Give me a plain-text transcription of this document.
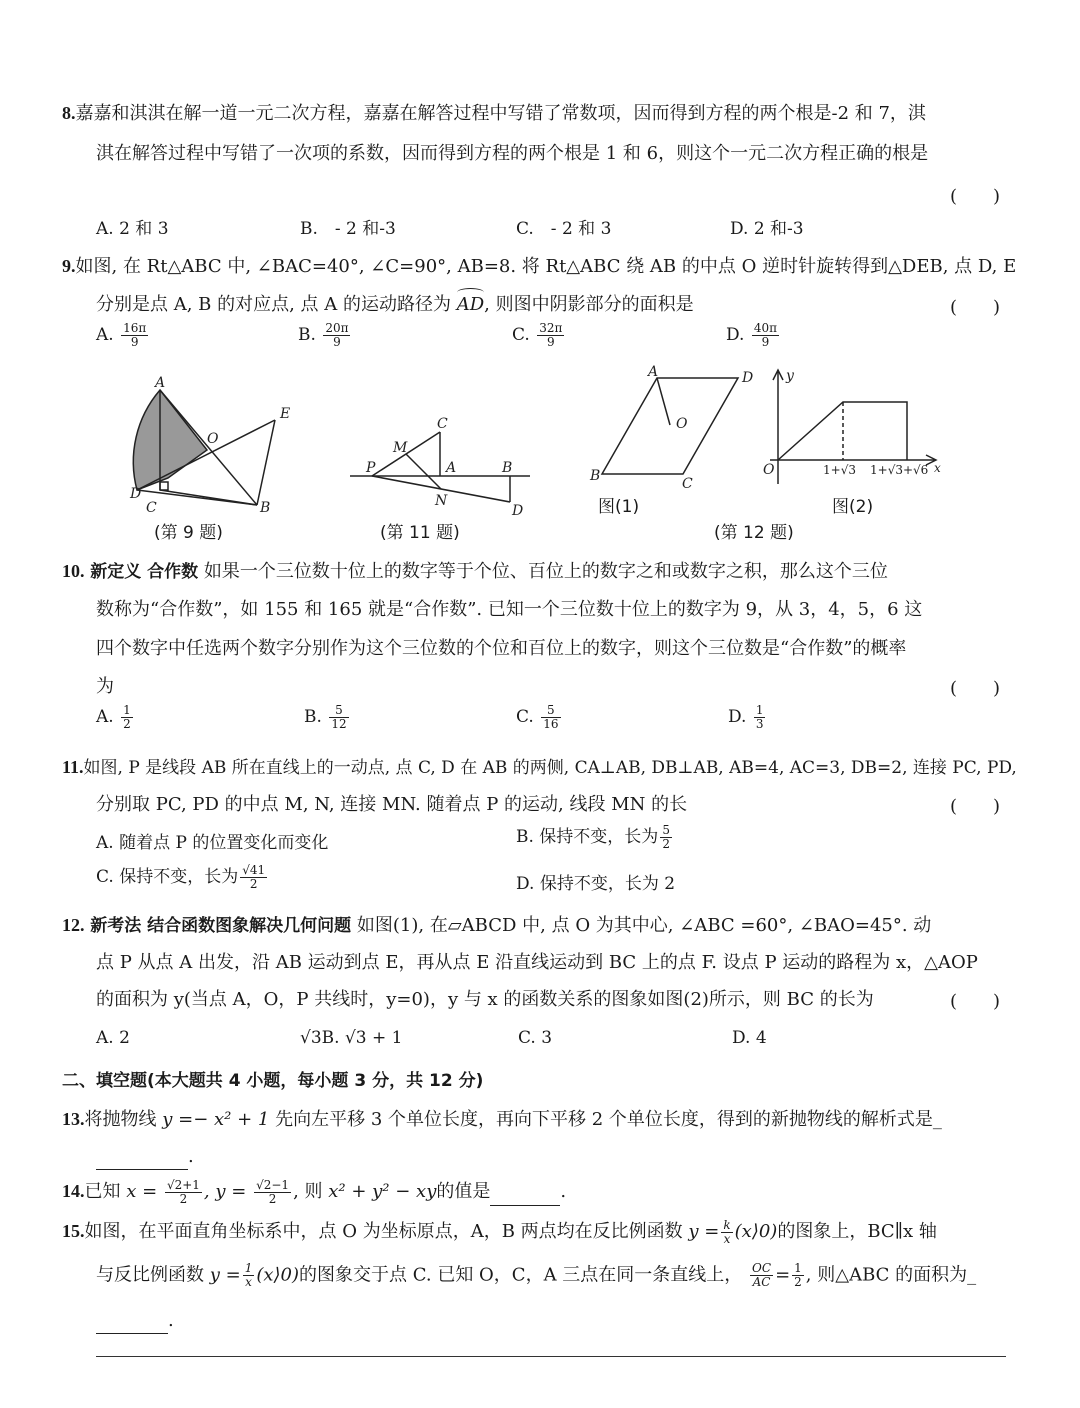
8.嘉嘉和淇淇在解一道一元二次方程，嘉嘉在解答过程中写错了常数项，因而得到方程的两个根是-2 和 7，淇
淇在解答过程中写错了一次项的系数，因而得到方程的两个根是 1 和 6，则这个一元二次方程正确的根是
(　　)
A. 2 和 3	B.　- 2 和-3	C.　- 2 和 3	D. 2 和-3
9.如图, 在 Rt△ABC 中, ∠BAC=40°, ∠C=90°, AB=8. 将 Rt△ABC 绕 AB 的中点 O 逆时针旋转得到△DEB, 点 D, E
分别是点 A, B 的对应点, 点 A 的运动路径为 AD, 则图中阴影部分的面积是	(　　)
A. $\frac{16\pi}{9}$	B. $\frac{20\pi}{9}$	C. $\frac{32\pi}{9}$	D. $\frac{40\pi}{9}$
A
E
O
D
C	B
C
M
P	A	B
N
D
A	D
O
B	C
y
O	x
1+√3 1+√3+√6
图(1)	图(2)
(第 9 题)	(第 11 题)	(第 12 题)
10. 新定义 合作数 如果一个三位数十位上的数字等于个位、百位上的数字之和或数字之积，那么这个三位
数称为“合作数”，如 155 和 165 就是“合作数”. 已知一个三位数十位上的数字为 9，从 3，4，5，6 这
四个数字中任选两个数字分别作为这个三位数的个位和百位上的数字，则这个三位数是“合作数”的概率
为	(　　)
A. $\frac{1}{2}$	B. $\frac{5}{12}$	C. $\frac{5}{16}$	D. $\frac{1}{3}$
11.如图, P 是线段 AB 所在直线上的一动点, 点 C, D 在 AB 的两侧, CA⊥AB, DB⊥AB, AB=4, AC=3, DB=2, 连接 PC, PD,
分别取 PC, PD 的中点 M, N, 连接 MN. 随着点 P 的运动, 线段 MN 的长	(　　)
A. 随着点 P 的位置变化而变化	B. 保持不变，长为 $\frac{5}{2}$
C. 保持不变，长为 $\frac{√41}{2}$	D. 保持不变，长为 2
12. 新考法 结合函数图象解决几何问题 如图(1), 在▱ABCD 中, 点 O 为其中心, ∠ABC =60°, ∠BAO=45°. 动
点 P 从点 A 出发，沿 AB 运动到点 E，再从点 E 沿直线运动到 BC 上的点 F. 设点 P 运动的路程为 x，△AOP
的面积为 y(当点 A，O，P 共线时，y=0)，y 与 x 的函数关系的图象如图(2)所示，则 BC 的长为	(　　)
A. 2	√3B. √3 + 1	C. 3	D. 4
二、填空题(本大题共 4 小题，每小题 3 分，共 12 分)
13.将抛物线 y =− x² + 1 先向左平移 3 个单位长度，再向下平移 2 个单位长度，得到的新抛物线的解析式是_
.
14.已知 $x = \frac{√2+1}{2}$ , $y = \frac{√2-1}{2}$ , 则 x² + y² − xy的值是	.
15.如图，在平面直角坐标系中，点 O 为坐标原点，A，B 两点均在反比例函数 $y = \frac{k}{x}$ (x⟩0)的图象上，BC∥x 轴
与反比例函数 $y = \frac{1}{x}$ (x⟩0)的图象交于点 C. 已知 O，C，A 三点在同一条直线上， $\frac{OC}{AC} = \frac{1}{2}$ , 则△ABC 的面积为_
.
